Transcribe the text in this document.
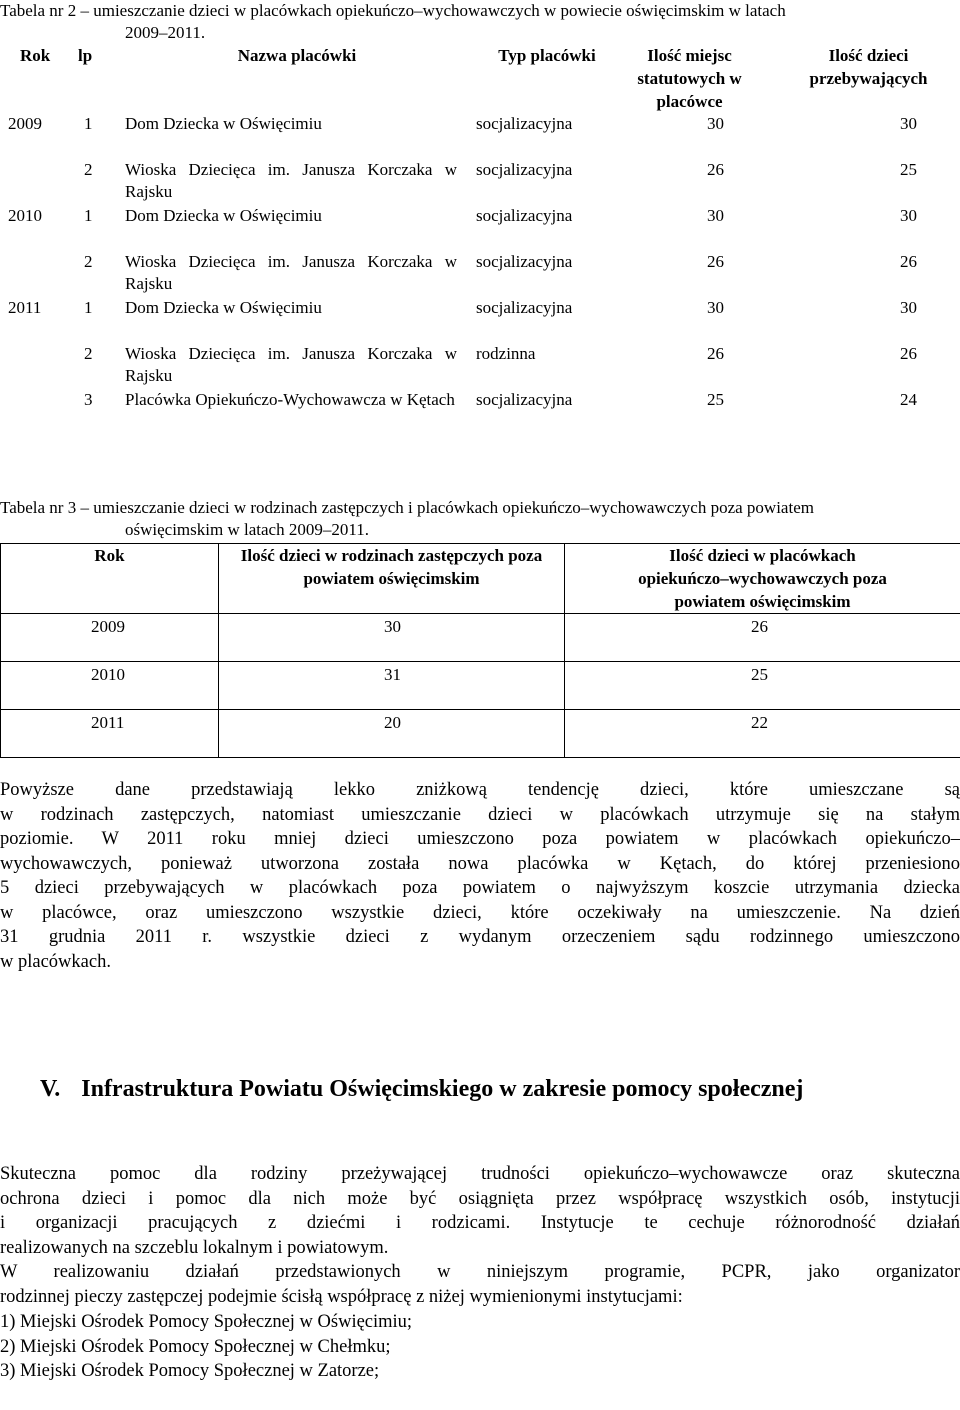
Tabela nr 2 – umieszczanie dzieci w placówkach opiekuńczo–wychowawczych w powiecie oświęcimskim w latach
2009–2011.
Rok	lp	Nazwa placówki	Typ placówki	Ilość miejsc statutowych w placówce	Ilość dzieci przebywających
2009	1	Dom Dziecka w Oświęcimiu	socjalizacyjna	30	30
	2	Wioska Dziecięca im. Janusza Korczaka w Rajsku	socjalizacyjna	26	25
2010	1	Dom Dziecka w Oświęcimiu	socjalizacyjna	30	30
	2	Wioska Dziecięca im. Janusza Korczaka w Rajsku	socjalizacyjna	26	26
2011	1	Dom Dziecka w Oświęcimiu	socjalizacyjna	30	30
	2	Wioska Dziecięca im. Janusza Korczaka w Rajsku	rodzinna	26	26
	3	Placówka Opiekuńczo-Wychowawcza w Kętach	socjalizacyjna	25	24
Tabela nr 3 – umieszczanie dzieci w rodzinach zastępczych i placówkach opiekuńczo–wychowawczych poza powiatem
oświęcimskim w latach 2009–2011.
Rok	Ilość dzieci w rodzinach zastępczych poza powiatem oświęcimskim	Ilość dzieci w placówkach opiekuńczo–wychowawczych poza powiatem oświęcimskim
2009	30	26
2010	31	25
2011	20	22
Powyższe dane przedstawiają lekko zniżkową tendencję dzieci, które umieszczane są
w rodzinach zastępczych, natomiast umieszczanie dzieci w placówkach utrzymuje się na stałym
poziomie. W 2011 roku mniej dzieci umieszczono poza powiatem w placówkach opiekuńczo–
wychowawczych, ponieważ utworzona została nowa placówka w Kętach, do której przeniesiono
5 dzieci przebywających w placówkach poza powiatem o najwyższym koszcie utrzymania dziecka
w placówce, oraz umieszczono wszystkie dzieci, które oczekiwały na umieszczenie. Na dzień
31 grudnia 2011 r. wszystkie dzieci z wydanym orzeczeniem sądu rodzinnego umieszczono
w placówkach.
V. Infrastruktura Powiatu Oświęcimskiego w zakresie pomocy społecznej
Skuteczna pomoc dla rodziny przeżywającej trudności opiekuńczo–wychowawcze oraz skuteczna
ochrona dzieci i pomoc dla nich może być osiągnięta przez współpracę wszystkich osób, instytucji
i organizacji pracujących z dziećmi i rodzicami. Instytucje te cechuje różnorodność działań
realizowanych na szczeblu lokalnym i powiatowym.
W realizowaniu działań przedstawionych w niniejszym programie, PCPR, jako organizator
rodzinnej pieczy zastępczej podejmie ścisłą współpracę z niżej wymienionymi instytucjami:
1) Miejski Ośrodek Pomocy Społecznej w Oświęcimiu;
2) Miejski Ośrodek Pomocy Społecznej w Chełmku;
3) Miejski Ośrodek Pomocy Społecznej w Zatorze;
